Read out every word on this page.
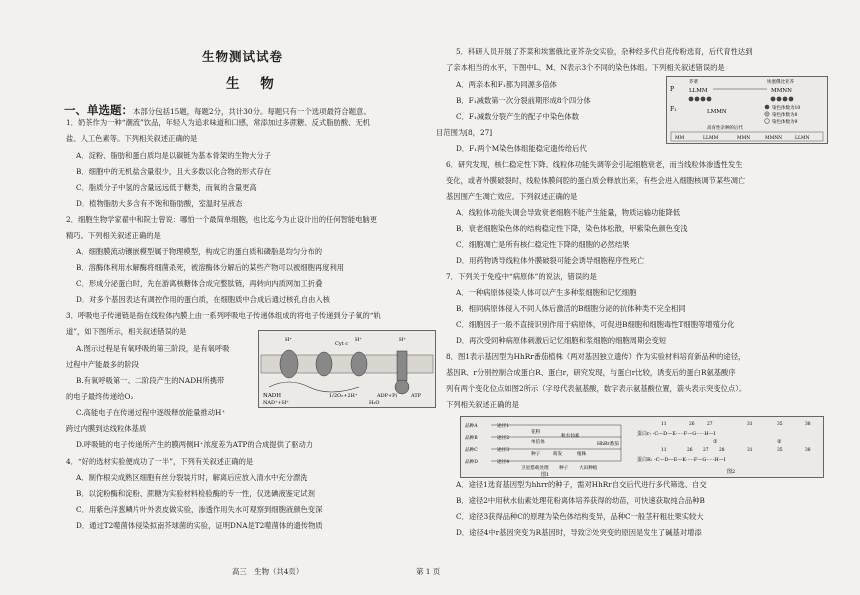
生物测试试卷
生 物
一、单选题：本部分包括15题，每题2分，共计30分。每题只有一个选项最符合题意。
1．奶茶作为一种“潮流”饮品，年轻人为追求味道和口感，常添加过多蔗糖、反式脂肪酸、无机
盐、人工色素等。下列相关叙述正确的是
A．淀粉、脂肪和蛋白质均是以碳链为基本骨架的生物大分子
B．细胞中的无机盐含量很少，且大多数以化合物的形式存在
C．脂质分子中氢的含量远远低于糖类，而氧的含量更高
D．植物脂肪大多含有不饱和脂肪酸，室温时呈液态
2．细胞生物学家翟中和院士曾说：哪怕一个最简单细胞，也比迄今为止设计出的任何智能电脑更
精巧。下列相关叙述正确的是
A．细胞膜流动镶嵌模型属于物理模型，构成它的蛋白质和磷脂是均匀分布的
B．溶酶体利用水解酶将细菌杀死，被溶酶体分解后的某些产物可以被细胞再度利用
C．形成分泌蛋白时，先在游离核糖体合成完整肽链，再转向内质网加工折叠
D．对多个基因表达有调控作用的蛋白质，在细胞质中合成后通过核孔自由入核
3．呼吸电子传递链是指在线粒体内膜上由一系列呼吸电子传递体组成的将电子传递到分子氧的“轨
道”，如下图所示，相关叙述错误的是
A.图示过程是有氧呼吸的第三阶段，是有氧呼吸
过程中产能最多的阶段
B.有氧呼吸第一、二阶段产生的NADH所携带
的电子最终传递给O₂
C.高能电子在传递过程中逐级释放能量推动H⁺
跨过内膜到达线粒体基质
D.呼吸链的电子传递所产生的膜两侧H⁺浓度差为ATP的合成提供了驱动力
NADH
NAD⁺+H⁺
1/2O₂+2H⁺
H₂O
ADP+Pi	ATP
H⁺
Cyt c
H⁺	H⁺
4．“好的选材实验便成功了一半”，下列有关叙述正确的是
A．制作根尖成熟区细胞有丝分裂装片时，解离后应放入清水中充分漂洗
B．以淀粉酶和淀粉、蔗糖为实验材料检验酶的专一性，仅选碘液鉴定试剂
C．用紫色洋葱鳞片叶外表皮做实验，渗透作用失水可观察到细胞液颜色变深
D．通过T2噬菌体侵染拟南芥球菌的实验，证明DNA是T2噬菌体的遗传物质
高三　生物（共4页）
5．科研人员开展了芥菜和埃塞俄比亚芥杂交实验，杂种经多代自花传粉选育，后代育性达到
了亲本相当的水平，下图中L、M、N表示3个不同的染色体组。下列相关叙述错误的是
A．两亲本和F₁都为同源多倍体
B．F₁减数第一次分裂前期形成8个四分体
C．F₁减数分裂产生的配子中染色体数
目范围为[8，27]
D．F₁两个M染色体组能稳定遗传给后代
P
F₁
芥菜	埃塞俄比亚芥
LLMM	MMNN
LMMN
染色体数为10
染色体数为8
染色体数为9
高育性杂种的后代
MM	LLMM	MMN	MMNN	LLMN
6．研究发现，核仁稳定性下降、线粒体功能失调等会引起细胞衰老，而当线粒体渗透性发生
变化，或者外膜破裂时，线粒体膜间腔的蛋白质会释放出来，有些会进入细胞核调节某些凋亡
基因围产生凋亡效应。下列叙述正确的是
A．线粒体功能失调会导致衰老细胞不能产生能量，物质运输功能降低
B．衰老细胞染色体的结构稳定性下降，染色体松散，甲紫染色颜色变浅
C．细胞凋亡是所有核仁稳定性下降的细胞的必然结果
D．用药物诱导线粒体外膜破裂可能会诱导细胞程序性死亡
7．下列关于免疫中“病原体”的说法，错误的是
A．一种病原体侵染人体可以产生多种浆细胞和记忆细胞
B．相同病原体侵入不同人体后激活的B细胞分泌的抗体种类不完全相同
C．细胞因子一般不直接识别作用于病原体，可促进B细胞和细胞毒性T细胞等增殖分化
D．再次受同种病原体刺激后记忆细胞和浆细胞的细胞周期会变短
8．图1表示基因型为HhRr番茄植株（两对基因独立遗传）作为实验材料培育新品种的途径，
基因R、r分别控制合成蛋白R、蛋白r，研究发现，与蛋白r比较，诱变后的蛋白R氨基酸序
列有两个变化位点如图2所示（字母代表氨基酸，数字表示氨基酸位置，箭头表示突变位点）。
下列相关叙述正确的是
品种A	途径1
品种B	途径2
途径3
品种C
途径4
品种D
花粉
单倍体
秋水仙素
种子	萌发	植株
卫星搭载处理 种子 大田种植
HhRr番茄
图1
11	26	27	31	35	38
蛋白r: -C—D—E·····F—G·····H—I
11	26 27 28	31	35	38
蛋白R: -C—D—E—K·····F—G·····H—I
①	②
图2
A．途径1选育基因型为hhrr的种子，需对HhRr自交后代进行多代筛选、自交
B．途径2中用秋水仙素处理花粉离体培养获得的幼苗，可快速获取纯合品种B
C．途径3获得品种C的原理为染色体结构变异，品种C一般茎秆粗壮果实较大
D．途径4中r基因突变为R基因时，导致②处突变的原因是发生了碱基对增添
第 1 页
